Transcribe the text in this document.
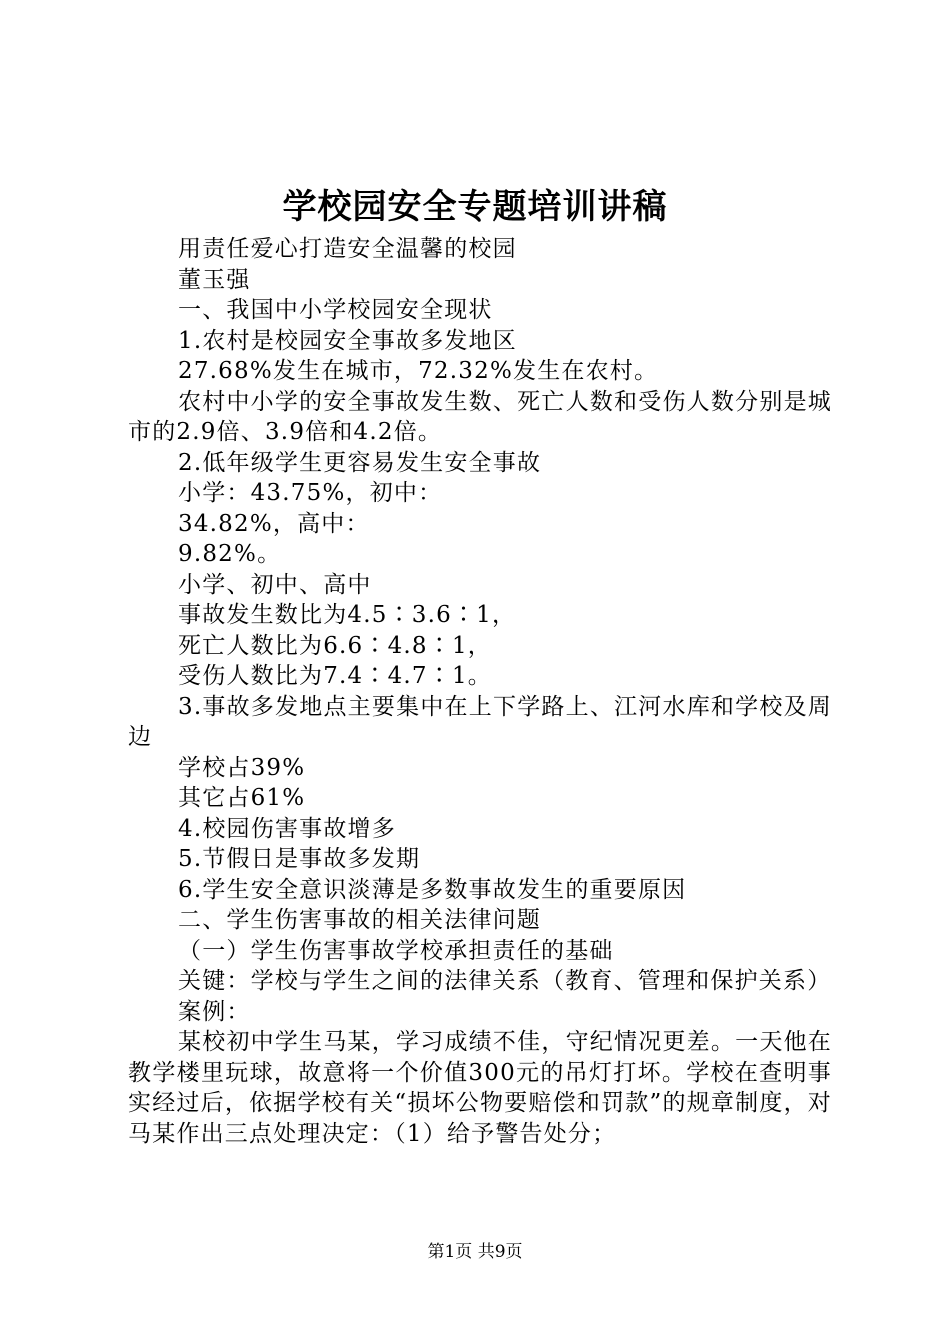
学校园安全专题培训讲稿

用责任爱心打造安全温馨的校园

董玉强

一、我国中小学校园安全现状

1.农村是校园安全事故多发地区

27.68%发生在城市，72.32%发生在农村。

农村中小学的安全事故发生数、死亡人数和受伤人数分别是城市的2.9倍、3.9倍和4.2倍。

2.低年级学生更容易发生安全事故

小学：43.75%，初中：

34.82%，高中：

9.82%。

小学、初中、高中

事故发生数比为4.5∶3.6∶1，

死亡人数比为6.6∶4.8∶1，

受伤人数比为7.4∶4.7∶1。

3.事故多发地点主要集中在上下学路上、江河水库和学校及周边

学校占39%

其它占61%

4.校园伤害事故增多

5.节假日是事故多发期

6.学生安全意识淡薄是多数事故发生的重要原因

二、学生伤害事故的相关法律问题

（一）学生伤害事故学校承担责任的基础

关键：学校与学生之间的法律关系（教育、管理和保护关系）

案例：

某校初中学生马某，学习成绩不佳，守纪情况更差。一天他在教学楼里玩球，故意将一个价值300元的吊灯打坏。学校在查明事实经过后，依据学校有关“损坏公物要赔偿和罚款”的规章制度，对马某作出三点处理决定：（1）给予警告处分；

第1页 共9页
